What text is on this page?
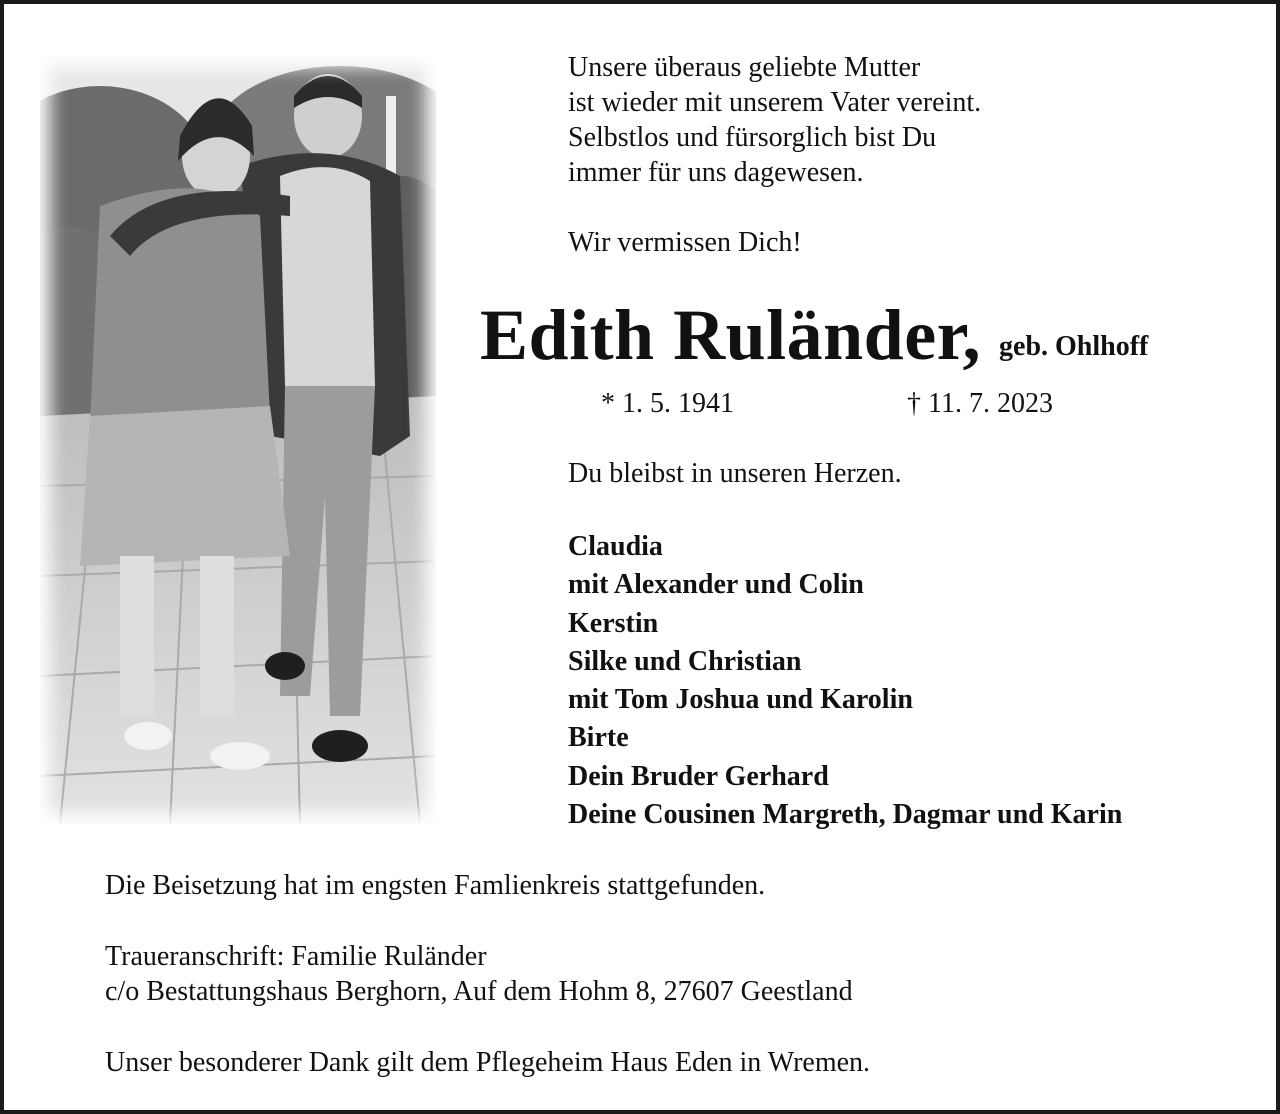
Unsere überaus geliebte Mutter
ist wieder mit unserem Vater vereint.
Selbstlos und fürsorglich bist Du
immer für uns dagewesen.
Wir vermissen Dich!
Edith Ruländer, geb. Ohlhoff
* 1. 5. 1941	† 11. 7. 2023
Du bleibst in unseren Herzen.
Claudia
mit Alexander und Colin
Kerstin
Silke und Christian
mit Tom Joshua und Karolin
Birte
Dein Bruder Gerhard
Deine Cousinen Margreth, Dagmar und Karin
Die Beisetzung hat im engsten Famlienkreis stattgefunden.
Traueranschrift: Familie Ruländer
c/o Bestattungshaus Berghorn, Auf dem Hohm 8, 27607 Geestland
Unser besonderer Dank gilt dem Pflegeheim Haus Eden in Wremen.
